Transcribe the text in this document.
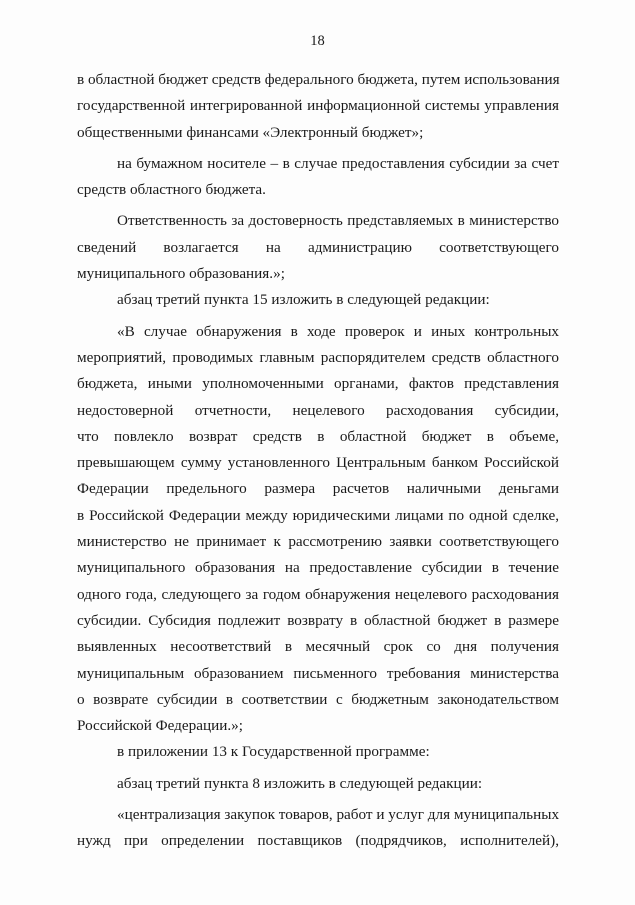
18
в областной бюджет средств федерального бюджета, путем использования
государственной интегрированной информационной системы управления
общественными финансами «Электронный бюджет»;
на бумажном носителе – в случае предоставления субсидии за счет
средств областного бюджета.
Ответственность за достоверность представляемых в министерство
сведений возлагается на администрацию соответствующего
муниципального образования.»;
абзац третий пункта 15 изложить в следующей редакции:
«В случае обнаружения в ходе проверок и иных контрольных
мероприятий, проводимых главным распорядителем средств областного
бюджета, иными уполномоченными органами, фактов представления
недостоверной отчетности, нецелевого расходования субсидии,
что повлекло возврат средств в областной бюджет в объеме,
превышающем сумму установленного Центральным банком Российской
Федерации предельного размера расчетов наличными деньгами
в Российской Федерации между юридическими лицами по одной сделке,
министерство не принимает к рассмотрению заявки соответствующего
муниципального образования на предоставление субсидии в течение
одного года, следующего за годом обнаружения нецелевого расходования
субсидии. Субсидия подлежит возврату в областной бюджет в размере
выявленных несоответствий в месячный срок со дня получения
муниципальным образованием письменного требования министерства
о возврате субсидии в соответствии с бюджетным законодательством
Российской Федерации.»;
в приложении 13 к Государственной программе:
абзац третий пункта 8 изложить в следующей редакции:
«централизация закупок товаров, работ и услуг для муниципальных
нужд при определении поставщиков (подрядчиков, исполнителей),
